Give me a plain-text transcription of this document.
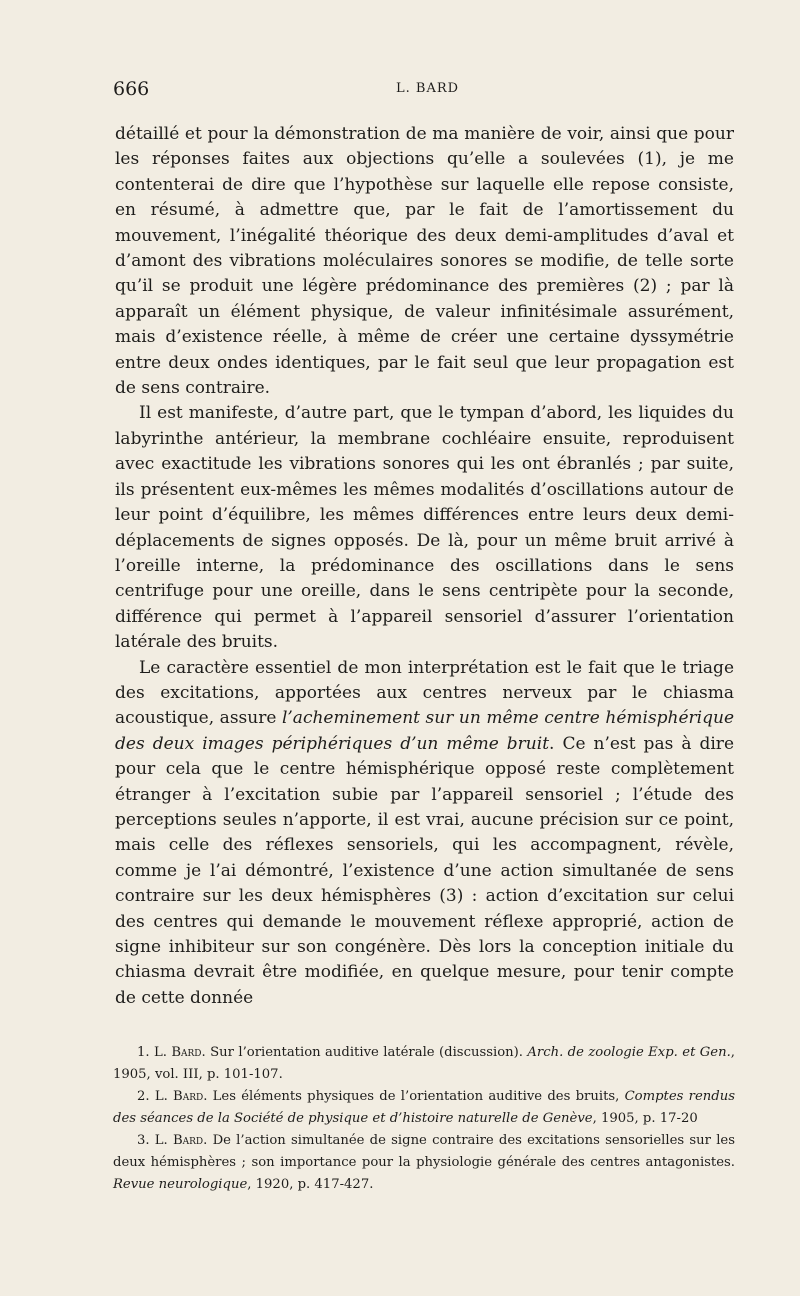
666	L. BARD

détaillé et pour la démonstration de ma manière de voir, ainsi que pour les réponses faites aux objections qu’elle a soulevées (1), je me contenterai de dire que l’hypothèse sur laquelle elle repose consiste, en résumé, à admettre que, par le fait de l’amortissement du mouvement, l’inégalité théorique des deux demi-amplitudes d’aval et d’amont des vibrations moléculaires sonores se modifie, de telle sorte qu’il se produit une légère prédominance des premières (2) ; par là apparaît un élément physique, de valeur infinitésimale assurément, mais d’existence réelle, à même de créer une certaine dyssymétrie entre deux ondes identiques, par le fait seul que leur propagation est de sens contraire.

Il est manifeste, d’autre part, que le tympan d’abord, les liquides du labyrinthe antérieur, la membrane cochléaire ensuite, reproduisent avec exactitude les vibrations sonores qui les ont ébranlés ; par suite, ils présentent eux-mêmes les mêmes modalités d’oscillations autour de leur point d’équilibre, les mêmes différences entre leurs deux demi-déplacements de signes opposés. De là, pour un même bruit arrivé à l’oreille interne, la prédominance des oscillations dans le sens centrifuge pour une oreille, dans le sens centripète pour la seconde, différence qui permet à l’appareil sensoriel d’assurer l’orientation latérale des bruits.

Le caractère essentiel de mon interprétation est le fait que le triage des excitations, apportées aux centres nerveux par le chiasma acoustique, assure l’acheminement sur un même centre hémisphérique des deux images périphériques d’un même bruit. Ce n’est pas à dire pour cela que le centre hémisphérique opposé reste complètement étranger à l’excitation subie par l’appareil sensoriel ; l’étude des perceptions seules n’apporte, il est vrai, aucune précision sur ce point, mais celle des réflexes sensoriels, qui les accompagnent, révèle, comme je l’ai démontré, l’existence d’une action simultanée de sens contraire sur les deux hémisphères (3) : action d’excitation sur celui des centres qui demande le mouvement réflexe approprié, action de signe inhibiteur sur son congénère. Dès lors la conception initiale du chiasma devrait être modifiée, en quelque mesure, pour tenir compte de cette donnée

1. L. Bard. Sur l’orientation auditive latérale (discussion). Arch. de zoologie Exp. et Gen., 1905, vol. III, p. 101-107.

2. L. Bard. Les éléments physiques de l’orientation auditive des bruits, Comptes rendus des séances de la Société de physique et d’histoire naturelle de Genève, 1905, p. 17-20

3. L. Bard. De l’action simultanée de signe contraire des excitations sensorielles sur les deux hémisphères ; son importance pour la physiologie générale des centres antagonistes. Revue neurologique, 1920, p. 417-427.
